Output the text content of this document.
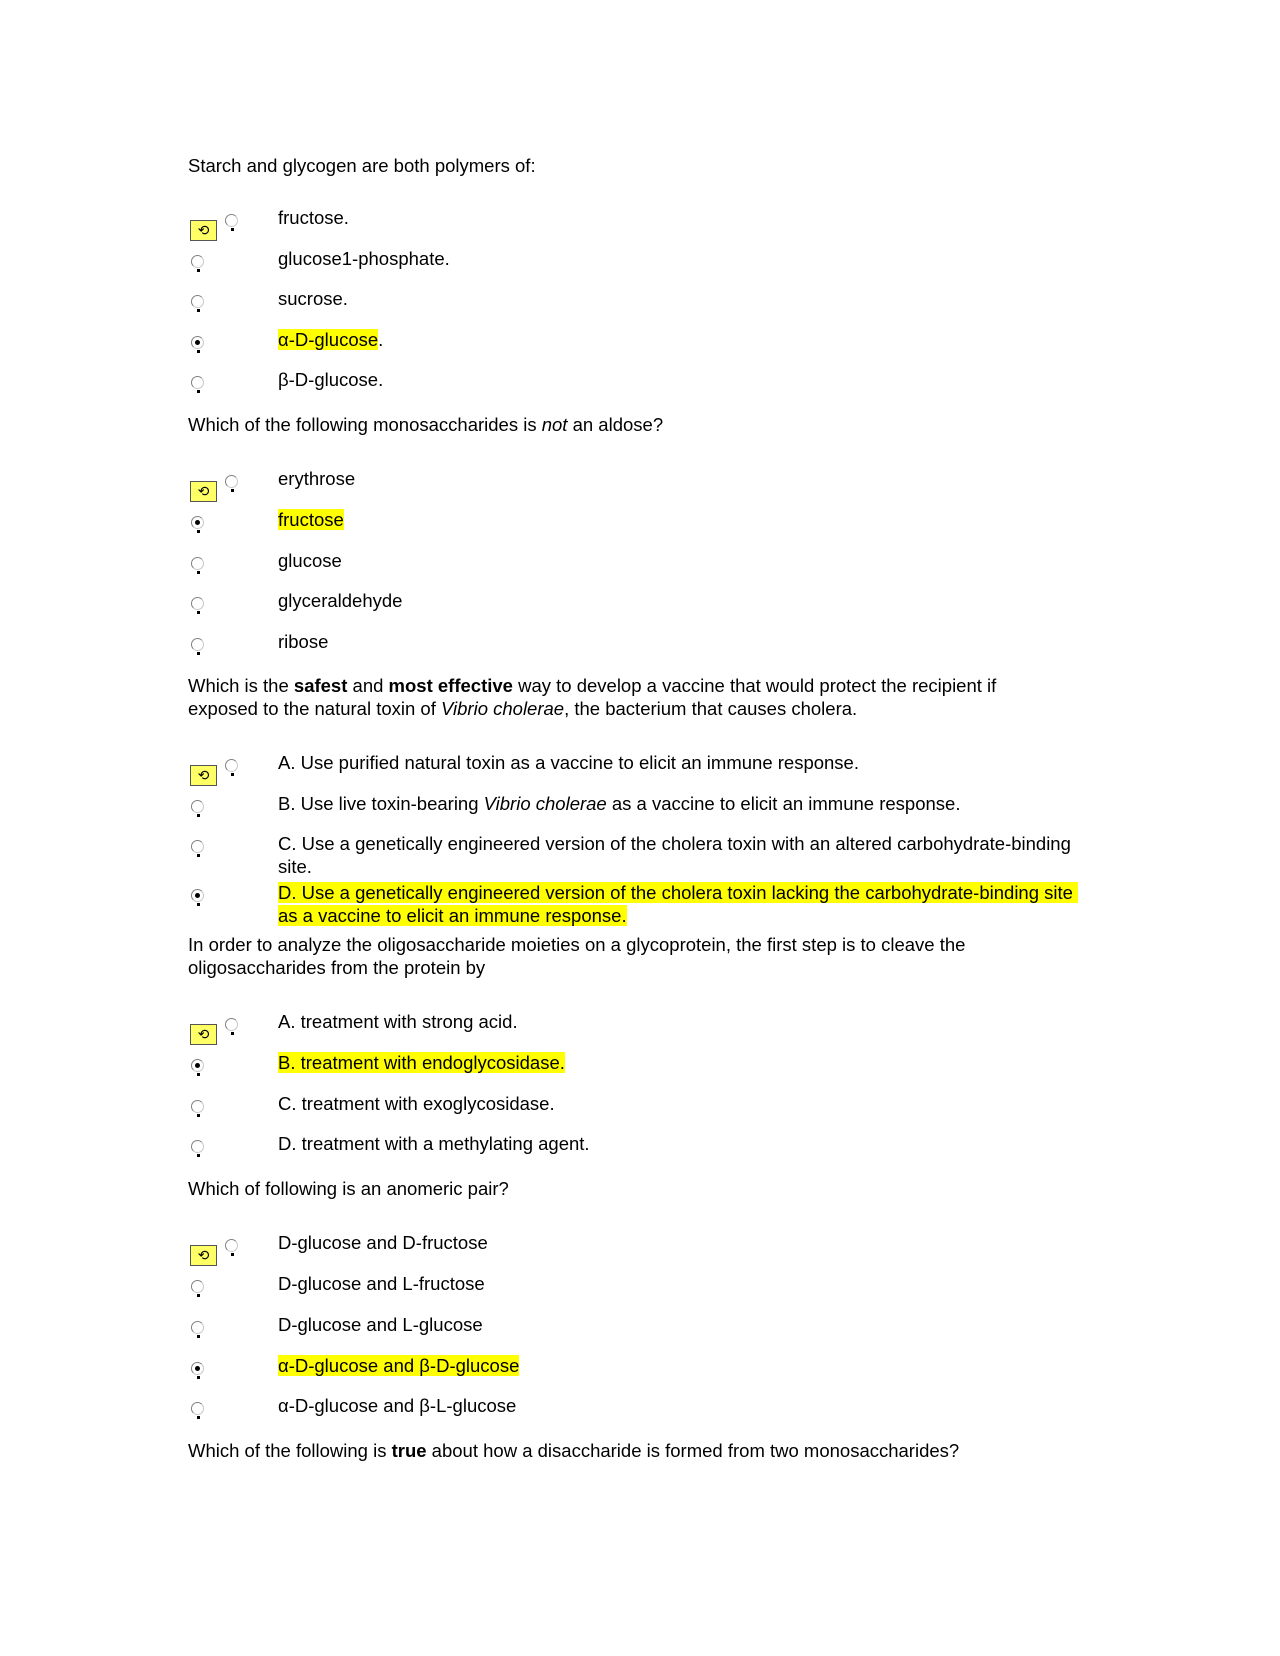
Starch and glycogen are both polymers of:

⟲
fructose.
glucose1-phosphate.
sucrose.
α-D-glucose.
β-D-glucose.

Which of the following monosaccharides is not an aldose?

⟲
erythrose
fructose
glucose
glyceraldehyde
ribose

Which is the safest and most effective way to develop a vaccine that would protect the recipient if exposed to the natural toxin of Vibrio cholerae, the bacterium that causes cholera.

⟲
A. Use purified natural toxin as a vaccine to elicit an immune response.
B. Use live toxin-bearing Vibrio cholerae as a vaccine to elicit an immune response.
C. Use a genetically engineered version of the cholera toxin with an altered carbohydrate-binding site.
D. Use a genetically engineered version of the cholera toxin lacking the carbohydrate-binding site as a vaccine to elicit an immune response.

In order to analyze the oligosaccharide moieties on a glycoprotein, the first step is to cleave the oligosaccharides from the protein by

⟲
A. treatment with strong acid.
B. treatment with endoglycosidase.
C. treatment with exoglycosidase.
D. treatment with a methylating agent.

Which of following is an anomeric pair?

⟲
D-glucose and D-fructose
D-glucose and L-fructose
D-glucose and L-glucose
α-D-glucose and β-D-glucose
α-D-glucose and β-L-glucose

Which of the following is true about how a disaccharide is formed from two monosaccharides?
